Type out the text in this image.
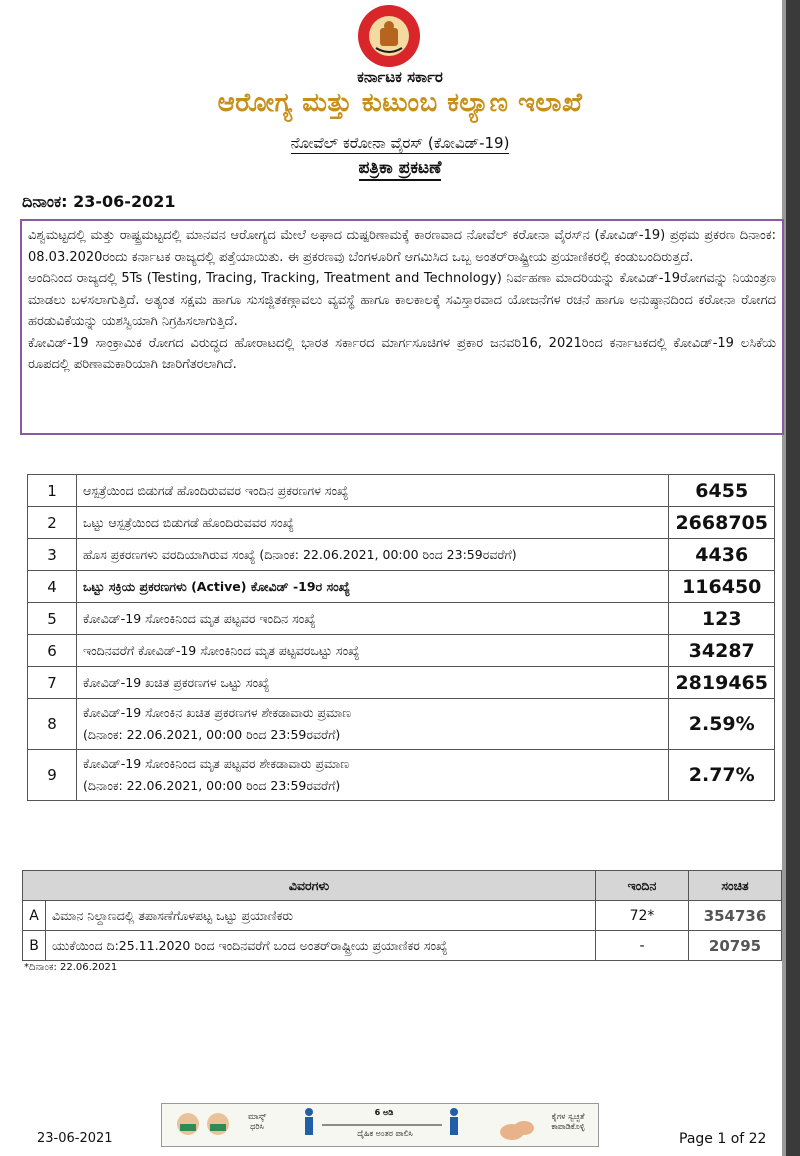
ಕರ್ನಾಟಕ ಸರ್ಕಾರ
ಆರೋಗ್ಯ ಮತ್ತು ಕುಟುಂಬ ಕಲ್ಯಾಣ ಇಲಾಖೆ
ನೋವೆಲ್ ಕರೋನಾ ವೈರಸ್ (ಕೋವಿಡ್-19)
ಪತ್ರಿಕಾ ಪ್ರಕಟಣೆ
ದಿನಾಂಕ: 23-06-2021

ವಿಶ್ವಮಟ್ಟದಲ್ಲಿ ಮತ್ತು ರಾಷ್ಟ್ರಮಟ್ಟದಲ್ಲಿ ಮಾನವನ ಆರೋಗ್ಯದ ಮೇಲೆ ಅಘಾದ ದುಷ್ಪರಿಣಾಮಕ್ಕೆ ಕಾರಣವಾದ ನೋವೆಲ್ ಕರೋನಾ ವೈರಸ್‌ನ (ಕೋವಿಡ್-19) ಪ್ರಥಮ ಪ್ರಕರಣ ದಿನಾಂಕ: 08.03.2020ರಂದು ಕರ್ನಾಟಕ ರಾಜ್ಯದಲ್ಲಿ ಪತ್ತೆಯಾಯಿತು. ಈ ಪ್ರಕರಣವು ಬೆಂಗಳೂರಿಗೆ ಆಗಮಿಸಿದ ಒಬ್ಬ ಅಂತರ್‌ರಾಷ್ಟ್ರೀಯ ಪ್ರಯಾಣಿಕರಲ್ಲಿ ಕಂಡುಬಂದಿರುತ್ತದೆ.

ಅಂದಿನಿಂದ ರಾಜ್ಯದಲ್ಲಿ 5Ts (Testing, Tracing, Tracking, Treatment and Technology) ನಿರ್ವಹಣಾ ಮಾದರಿಯನ್ನು ಕೋವಿಡ್-19ರೋಗವನ್ನು ನಿಯಂತ್ರಣ ಮಾಡಲು ಬಳಸಲಾಗುತ್ತಿದೆ. ಅತ್ಯಂತ ಸಕ್ಷಮ ಹಾಗೂ ಸುಸಜ್ಜಿತಕಣ್ಗಾವಲು ವ್ಯವಸ್ಥೆ ಹಾಗೂ ಕಾಲಕಾಲಕ್ಕೆ ಸವಿಸ್ತಾರವಾದ ಯೋಜನೆಗಳ ರಚನೆ ಹಾಗೂ ಅನುಷ್ಠಾನದಿಂದ ಕರೋನಾ ರೋಗದ ಹರಡುವಿಕೆಯನ್ನು ಯಶಸ್ವಿಯಾಗಿ ನಿಗ್ರಹಿಸಲಾಗುತ್ತಿದೆ.

ಕೋವಿಡ್-19 ಸಾಂಕ್ರಾಮಿಕ ರೋಗದ ವಿರುದ್ಧದ ಹೋರಾಟದಲ್ಲಿ ಭಾರತ ಸರ್ಕಾರದ ಮಾರ್ಗಸೂಚಿಗಳ ಪ್ರಕಾರ ಜನವರಿ16, 2021ರಿಂದ ಕರ್ನಾಟಕದಲ್ಲಿ ಕೋವಿಡ್-19 ಲಸಿಕೆಯ ರೂಪದಲ್ಲಿ ಪರಿಣಾಮಕಾರಿಯಾಗಿ ಜಾರಿಗೆತರಲಾಗಿದೆ.

1	ಆಸ್ಪತ್ರೆಯಿಂದ ಬಿಡುಗಡೆ ಹೊಂದಿರುವವರ ಇಂದಿನ ಪ್ರಕರಣಗಳ ಸಂಖ್ಯೆ	6455
2	ಒಟ್ಟು ಆಸ್ಪತ್ರೆಯಿಂದ ಬಿಡುಗಡೆ ಹೊಂದಿರುವವರ ಸಂಖ್ಯೆ	2668705
3	ಹೊಸ ಪ್ರಕರಣಗಳು ವರದಿಯಾಗಿರುವ ಸಂಖ್ಯೆ (ದಿನಾಂಕ: 22.06.2021, 00:00 ರಿಂದ 23:59ರವರೆಗೆ)	4436
4	ಒಟ್ಟು ಸಕ್ರಿಯ ಪ್ರಕರಣಗಳು (Active) ಕೋವಿಡ್ -19ರ ಸಂಖ್ಯೆ	116450
5	ಕೋವಿಡ್-19 ಸೋಂಕಿನಿಂದ ಮೃತ ಪಟ್ಟವರ ಇಂದಿನ ಸಂಖ್ಯೆ	123
6	ಇಂದಿನವರೆಗೆ ಕೋವಿಡ್-19 ಸೋಂಕಿನಿಂದ ಮೃತ ಪಟ್ಟವರಒಟ್ಟು ಸಂಖ್ಯೆ	34287
7	ಕೋವಿಡ್-19 ಖಚಿತ ಪ್ರಕರಣಗಳ ಒಟ್ಟು ಸಂಖ್ಯೆ	2819465
8	ಕೋವಿಡ್-19 ಸೋಂಕಿನ ಖಚಿತ ಪ್ರಕರಣಗಳ ಶೇಕಡಾವಾರು ಪ್ರಮಾಣ
(ದಿನಾಂಕ: 22.06.2021, 00:00 ರಿಂದ 23:59ರವರೆಗೆ)	2.59%
9	ಕೋವಿಡ್-19 ಸೋಂಕಿನಿಂದ ಮೃತ ಪಟ್ಟವರ ಶೇಕಡಾವಾರು ಪ್ರಮಾಣ
(ದಿನಾಂಕ: 22.06.2021, 00:00 ರಿಂದ 23:59ರವರೆಗೆ)	2.77%
ವಿವರಗಳು		ಇಂದಿನ	ಸಂಚಿತ
A	ವಿಮಾನ ನಿಲ್ದಾಣದಲ್ಲಿ ತಪಾಸಣೆಗೊಳಪಟ್ಟ ಒಟ್ಟು ಪ್ರಯಾಣಿಕರು	72*	354736
B	ಯುಕೆಯಿಂದ ದಿ:25.11.2020 ರಿಂದ ಇಂದಿನವರೆಗೆ ಬಂದ ಅಂತರ್‌ರಾಷ್ಟ್ರೀಯ ಪ್ರಯಾಣಿಕರ ಸಂಖ್ಯೆ	-	20795
*ದಿನಾಂಕ: 22.06.2021
ಮಾಸ್ಕ್ ಧರಿಸಿ
6 ಅಡಿ
ದೈಹಿಕ ಅಂತರ ಪಾಲಿಸಿ
ಕೈಗಳ ಸ್ವಚ್ಛತೆ ಕಾಪಾಡಿಕೊಳ್ಳಿ
23-06-2021	Page 1 of 22
